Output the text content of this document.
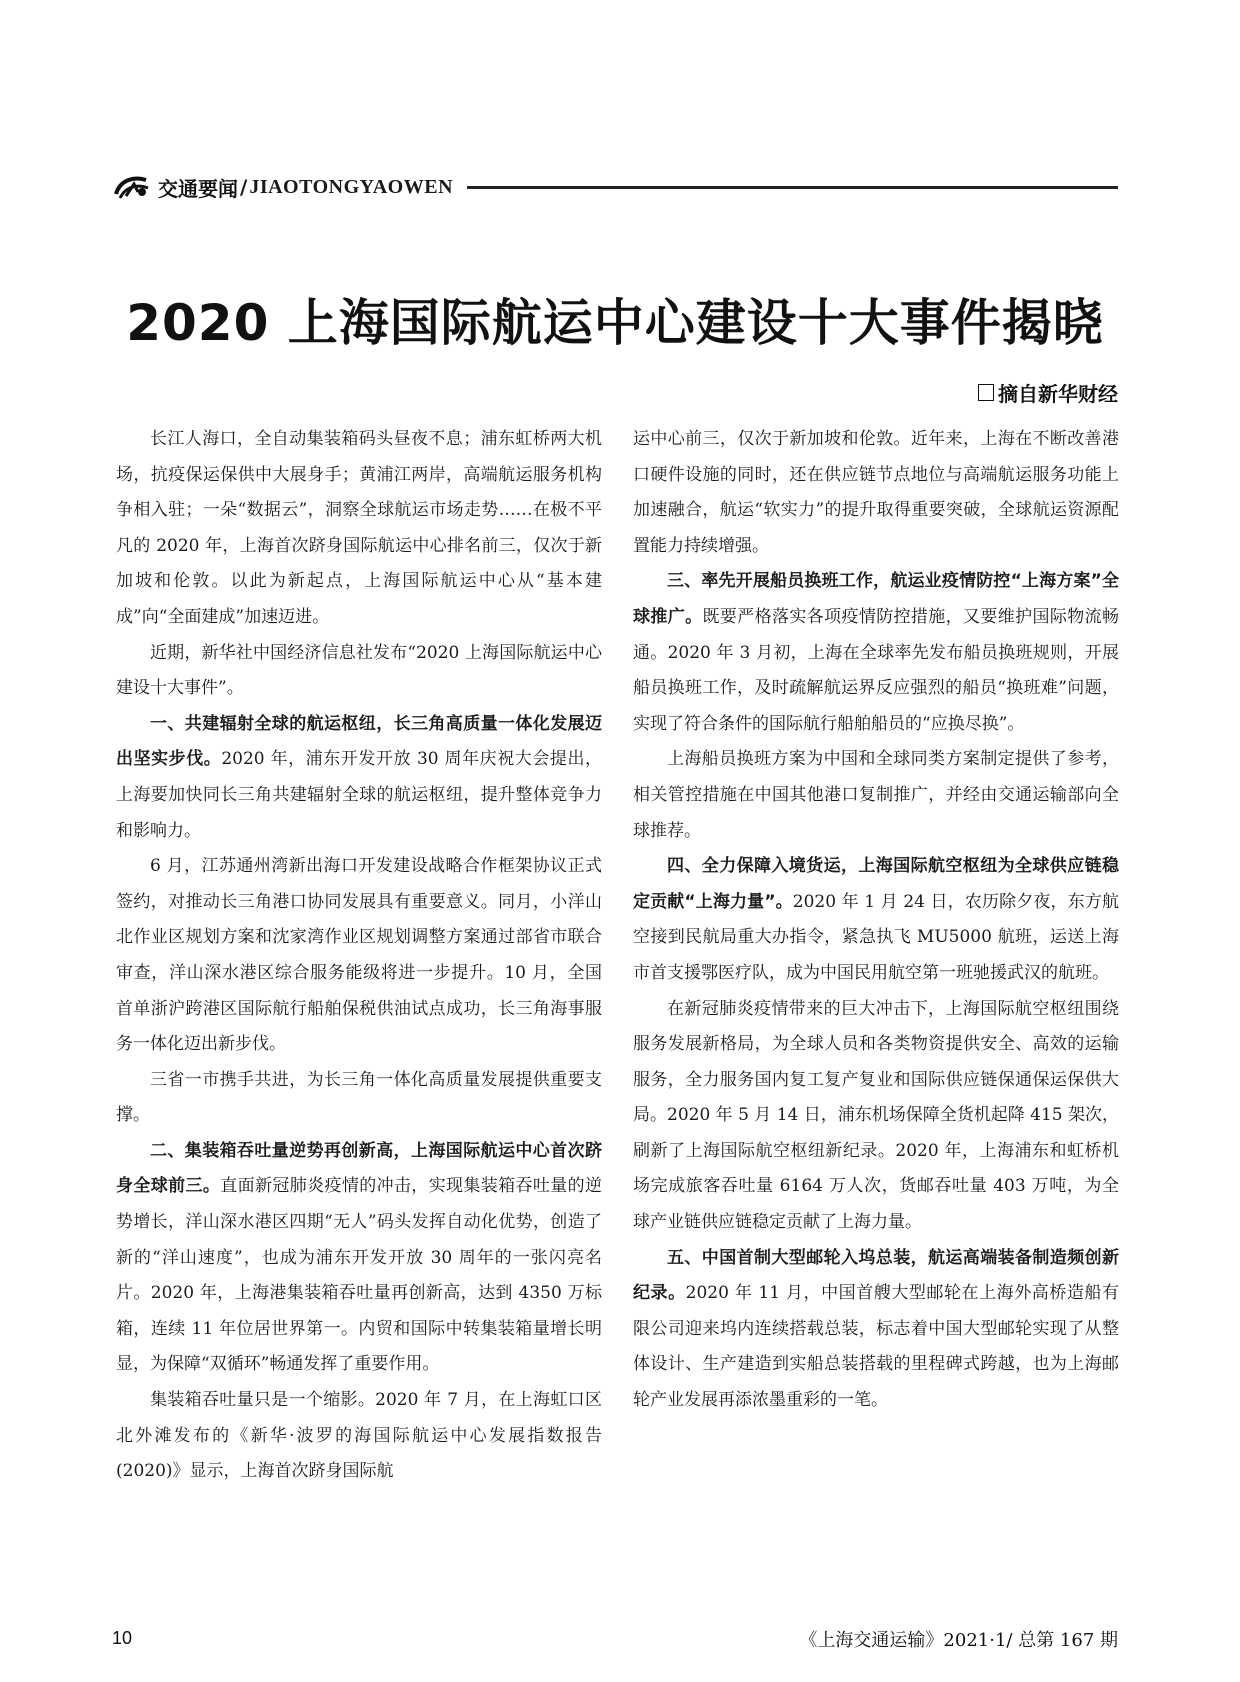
交通要闻 / JIAOTONGYAOWEN
2020 上海国际航运中心建设十大事件揭晓
摘自新华财经

长江人海口，全自动集装箱码头昼夜不息；浦东虹桥两大机场，抗疫保运保供中大展身手；黄浦江两岸，高端航运服务机构争相入驻；一朵“数据云”，洞察全球航运市场走势……在极不平凡的 2020 年，上海首次跻身国际航运中心排名前三，仅次于新加坡和伦敦。以此为新起点，上海国际航运中心从“基本建成”向“全面建成”加速迈进。

近期，新华社中国经济信息社发布“2020 上海国际航运中心建设十大事件”。

一、共建辐射全球的航运枢纽，长三角高质量一体化发展迈出坚实步伐。2020 年，浦东开发开放 30 周年庆祝大会提出，上海要加快同长三角共建辐射全球的航运枢纽，提升整体竞争力和影响力。

6 月，江苏通州湾新出海口开发建设战略合作框架协议正式签约，对推动长三角港口协同发展具有重要意义。同月，小洋山北作业区规划方案和沈家湾作业区规划调整方案通过部省市联合审查，洋山深水港区综合服务能级将进一步提升。10 月，全国首单浙沪跨港区国际航行船舶保税供油试点成功，长三角海事服务一体化迈出新步伐。

三省一市携手共进，为长三角一体化高质量发展提供重要支撑。

二、集装箱吞吐量逆势再创新高，上海国际航运中心首次跻身全球前三。直面新冠肺炎疫情的冲击，实现集装箱吞吐量的逆势增长，洋山深水港区四期“无人”码头发挥自动化优势，创造了新的“洋山速度”，也成为浦东开发开放 30 周年的一张闪亮名片。2020 年，上海港集装箱吞吐量再创新高，达到 4350 万标箱，连续 11 年位居世界第一。内贸和国际中转集装箱量增长明显，为保障“双循环”畅通发挥了重要作用。

集装箱吞吐量只是一个缩影。2020 年 7 月，在上海虹口区北外滩发布的《新华·波罗的海国际航运中心发展指数报告(2020)》显示，上海首次跻身国际航

运中心前三，仅次于新加坡和伦敦。近年来，上海在不断改善港口硬件设施的同时，还在供应链节点地位与高端航运服务功能上加速融合，航运“软实力”的提升取得重要突破，全球航运资源配置能力持续增强。

三、率先开展船员换班工作，航运业疫情防控“上海方案”全球推广。既要严格落实各项疫情防控措施，又要维护国际物流畅通。2020 年 3 月初，上海在全球率先发布船员换班规则，开展船员换班工作，及时疏解航运界反应强烈的船员“换班难”问题，实现了符合条件的国际航行船舶船员的“应换尽换”。

上海船员换班方案为中国和全球同类方案制定提供了参考，相关管控措施在中国其他港口复制推广，并经由交通运输部向全球推荐。

四、全力保障入境货运，上海国际航空枢纽为全球供应链稳定贡献“上海力量”。2020 年 1 月 24 日，农历除夕夜，东方航空接到民航局重大办指令，紧急执飞 MU5000 航班，运送上海市首支援鄂医疗队，成为中国民用航空第一班驰援武汉的航班。

在新冠肺炎疫情带来的巨大冲击下，上海国际航空枢纽围绕服务发展新格局，为全球人员和各类物资提供安全、高效的运输服务，全力服务国内复工复产复业和国际供应链保通保运保供大局。2020 年 5 月 14 日，浦东机场保障全货机起降 415 架次，刷新了上海国际航空枢纽新纪录。2020 年，上海浦东和虹桥机场完成旅客吞吐量 6164 万人次，货邮吞吐量 403 万吨，为全球产业链供应链稳定贡献了上海力量。

五、中国首制大型邮轮入坞总装，航运高端装备制造频创新纪录。2020 年 11 月，中国首艘大型邮轮在上海外高桥造船有限公司迎来坞内连续搭载总装，标志着中国大型邮轮实现了从整体设计、生产建造到实船总装搭载的里程碑式跨越，也为上海邮轮产业发展再添浓墨重彩的一笔。

10	《上海交通运输》2021·1/ 总第 167 期
